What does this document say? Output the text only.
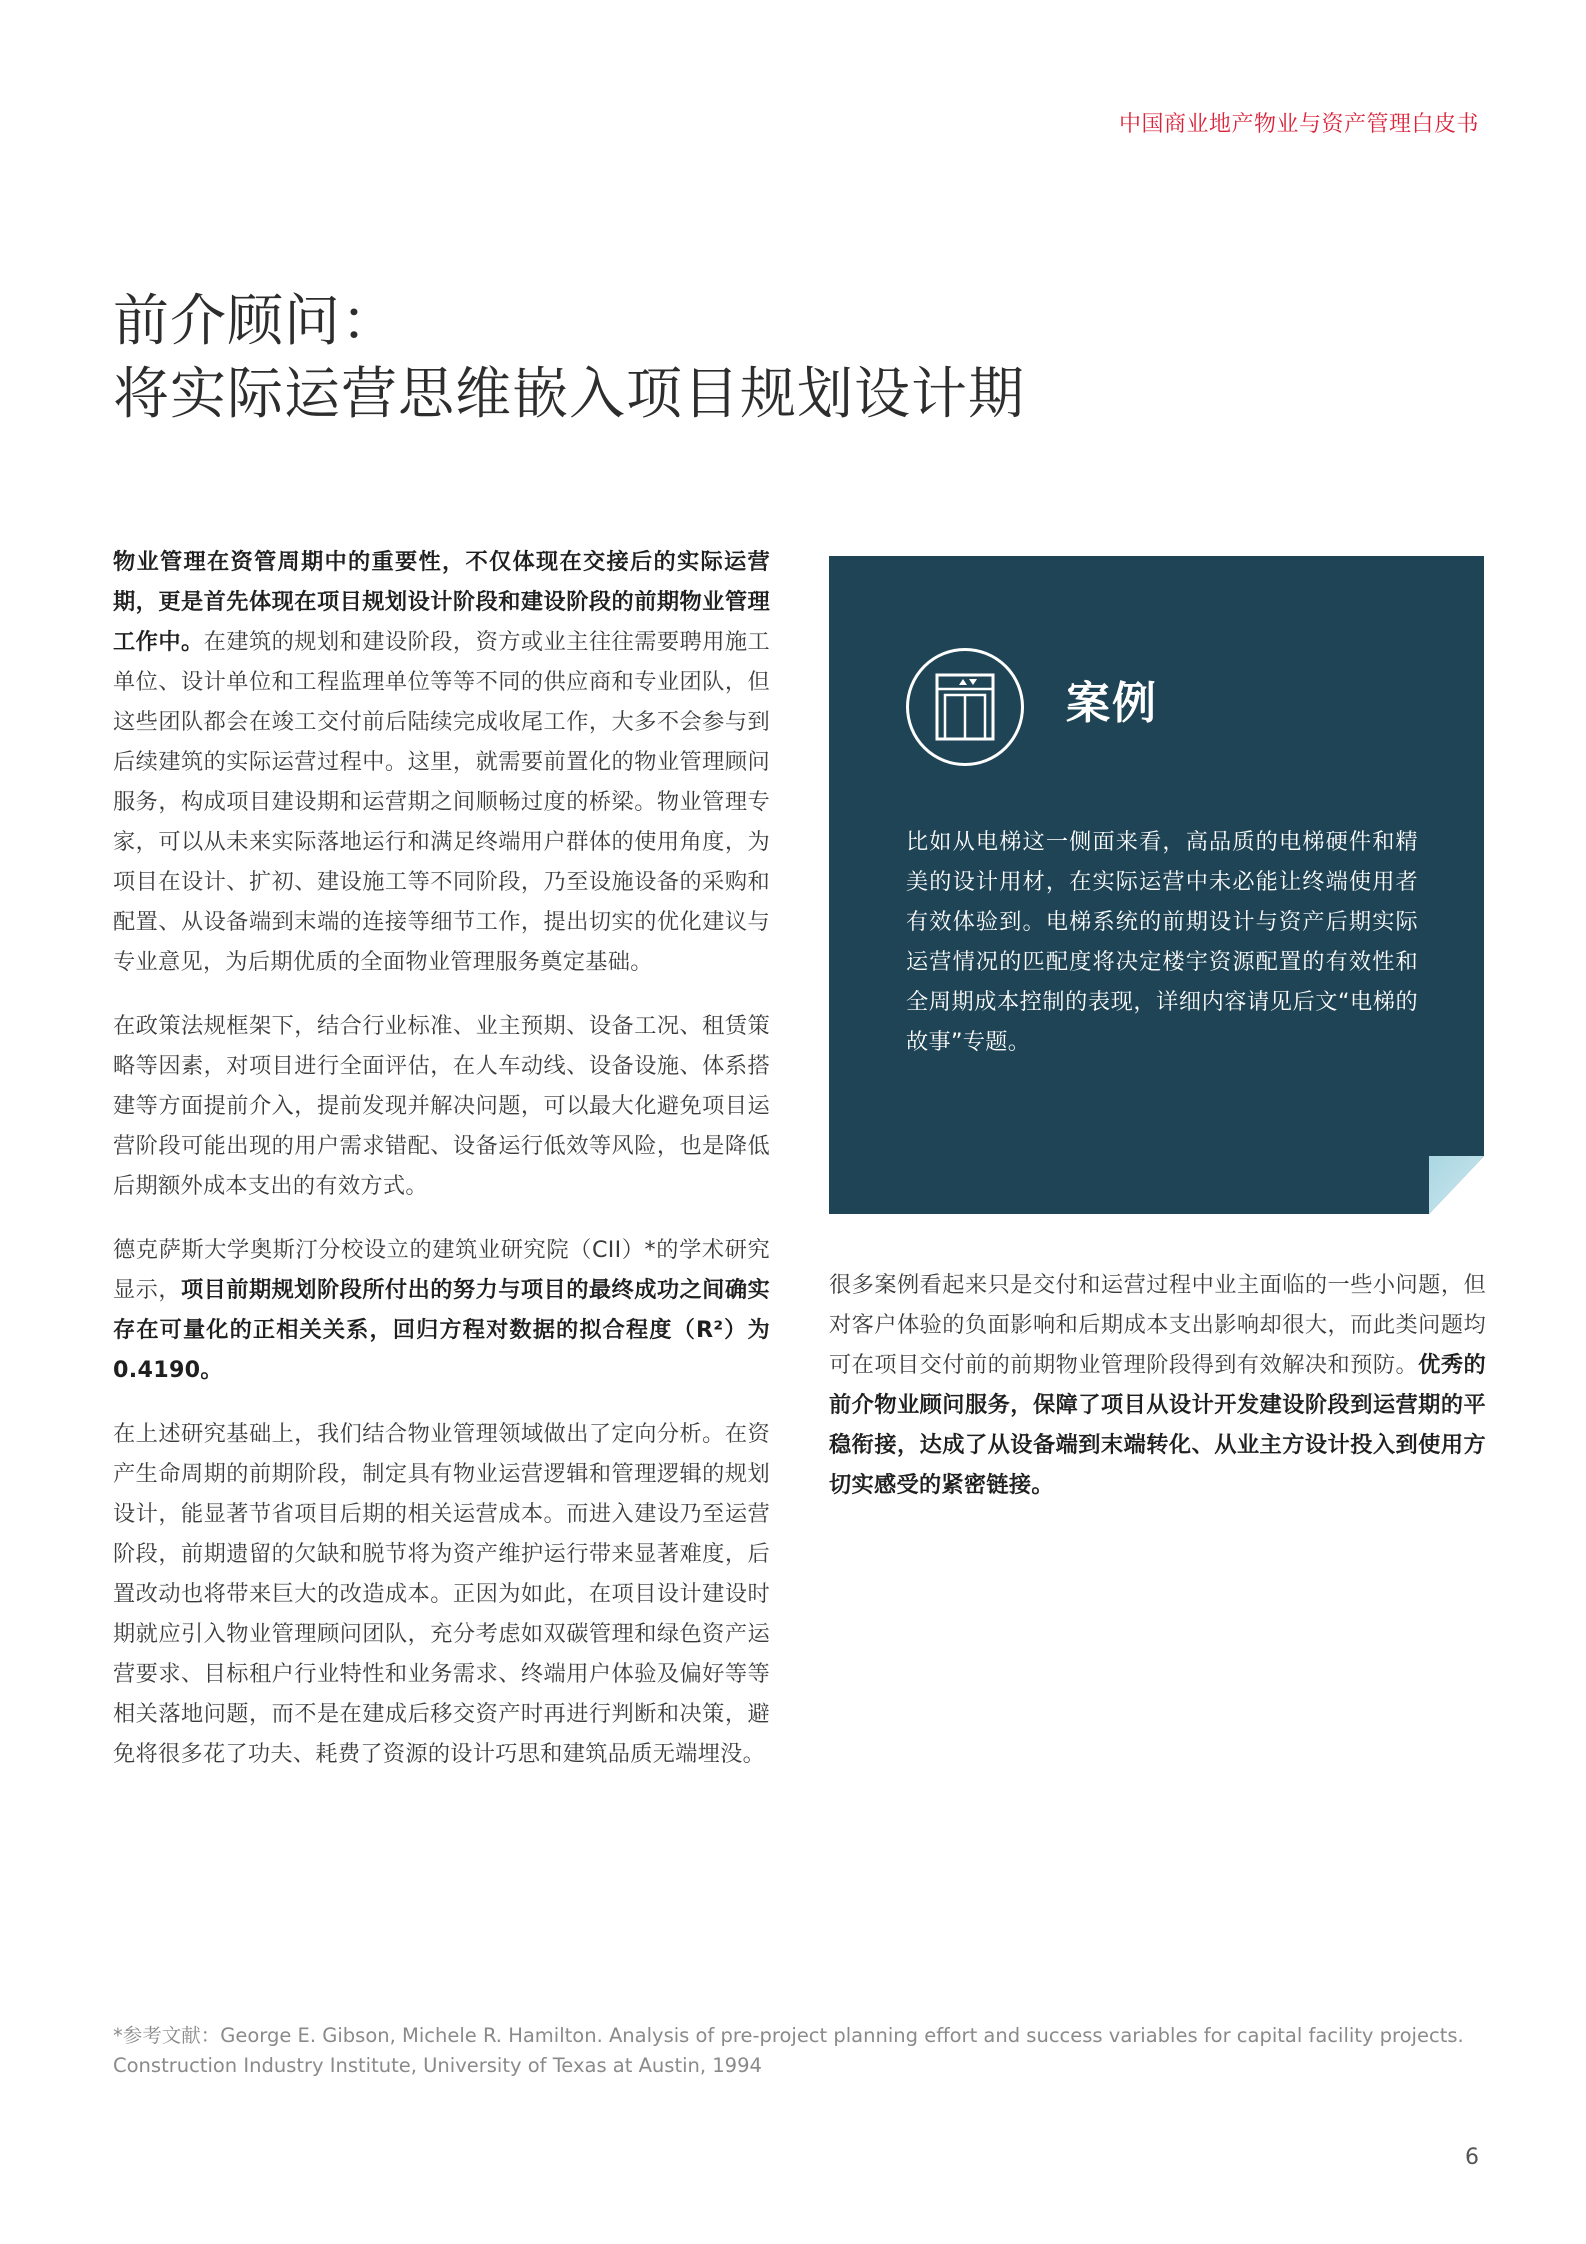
中国商业地产物业与资产管理白皮书
前介顾问：
将实际运营思维嵌入项目规划设计期

物业管理在资管周期中的重要性，不仅体现在交接后的实际运营期，更是首先体现在项目规划设计阶段和建设阶段的前期物业管理工作中。在建筑的规划和建设阶段，资方或业主往往需要聘用施工单位、设计单位和工程监理单位等等不同的供应商和专业团队，但这些团队都会在竣工交付前后陆续完成收尾工作，大多不会参与到后续建筑的实际运营过程中。这里，就需要前置化的物业管理顾问服务，构成项目建设期和运营期之间顺畅过度的桥梁。物业管理专家，可以从未来实际落地运行和满足终端用户群体的使用角度，为项目在设计、扩初、建设施工等不同阶段，乃至设施设备的采购和配置、从设备端到末端的连接等细节工作，提出切实的优化建议与专业意见，为后期优质的全面物业管理服务奠定基础。

在政策法规框架下，结合行业标准、业主预期、设备工况、租赁策略等因素，对项目进行全面评估，在人车动线、设备设施、体系搭建等方面提前介入，提前发现并解决问题，可以最大化避免项目运营阶段可能出现的用户需求错配、设备运行低效等风险，也是降低后期额外成本支出的有效方式。

德克萨斯大学奥斯汀分校设立的建筑业研究院（CII）*的学术研究显示，项目前期规划阶段所付出的努力与项目的最终成功之间确实存在可量化的正相关关系，回归方程对数据的拟合程度（R²）为0.4190。

在上述研究基础上，我们结合物业管理领域做出了定向分析。在资产生命周期的前期阶段，制定具有物业运营逻辑和管理逻辑的规划设计，能显著节省项目后期的相关运营成本。而进入建设乃至运营阶段，前期遗留的欠缺和脱节将为资产维护运行带来显著难度，后置改动也将带来巨大的改造成本。正因为如此，在项目设计建设时期就应引入物业管理顾问团队，充分考虑如双碳管理和绿色资产运营要求、目标租户行业特性和业务需求、终端用户体验及偏好等等相关落地问题，而不是在建成后移交资产时再进行判断和决策，避免将很多花了功夫、耗费了资源的设计巧思和建筑品质无端埋没。

案例

比如从电梯这一侧面来看，高品质的电梯硬件和精美的设计用材，在实际运营中未必能让终端使用者有效体验到。电梯系统的前期设计与资产后期实际运营情况的匹配度将决定楼宇资源配置的有效性和全周期成本控制的表现，详细内容请见后文“电梯的故事”专题。

很多案例看起来只是交付和运营过程中业主面临的一些小问题，但对客户体验的负面影响和后期成本支出影响却很大，而此类问题均可在项目交付前的前期物业管理阶段得到有效解决和预防。优秀的前介物业顾问服务，保障了项目从设计开发建设阶段到运营期的平稳衔接，达成了从设备端到末端转化、从业主方设计投入到使用方切实感受的紧密链接。

*参考文献：George E. Gibson, Michele R. Hamilton. Analysis of pre-project planning effort and success variables for capital facility projects. Construction Industry Institute, University of Texas at Austin, 1994

6
